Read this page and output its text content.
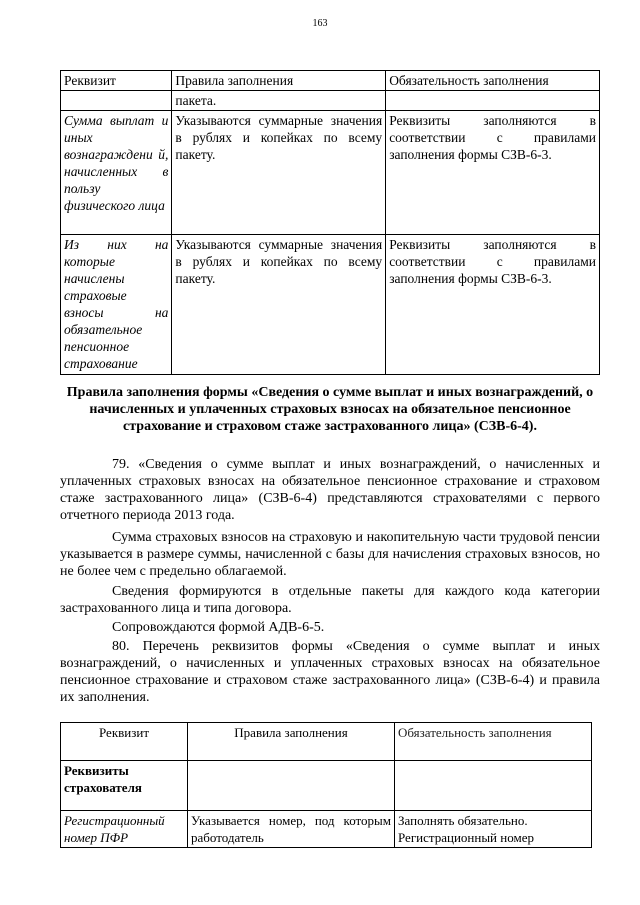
163
Реквизит	Правила заполнения	Обязательность заполнения
	пакета.	
Сумма выплат и иных вознаграждени й, начисленных в пользу физического лица	Указываются суммарные значения в рублях и копейках по всему пакету.	Реквизиты заполняются в соответствии с правилами заполнения формы СЗВ-6-3.
Из них на которые начислены страховые взносы на обязательное пенсионное страхование	Указываются суммарные значения в рублях и копейках по всему пакету.	Реквизиты заполняются в соответствии с правилами заполнения формы СЗВ-6-3.
Правила заполнения формы «Сведения о сумме выплат и иных вознаграждений, о начисленных и уплаченных страховых взносах на обязательное пенсионное страхование и страховом стаже застрахованного лица» (СЗВ-6-4).

79. «Сведения о сумме выплат и иных вознаграждений, о начисленных и уплаченных страховых взносах на обязательное пенсионное страхование и страховом стаже застрахованного лица» (СЗВ-6-4) представляются страхователями с первого отчетного периода 2013 года.

Сумма страховых взносов на страховую и накопительную части трудовой пенсии указывается в размере суммы, начисленной с базы для начисления страховых взносов, но не более чем с предельно облагаемой.

Сведения формируются в отдельные пакеты для каждого кода категории застрахованного лица и типа договора.

Сопровождаются формой АДВ-6-5.

80. Перечень реквизитов формы «Сведения о сумме выплат и иных вознаграждений, о начисленных и уплаченных страховых взносах на обязательное пенсионное страхование и страховом стаже застрахованного лица» (СЗВ-6-4) и правила их заполнения.

Реквизит	Правила заполнения	Обязательность заполнения
Реквизиты страхователя		
Регистрационный номер ПФР	Указывается номер, под которым работодатель	Заполнять обязательно. Регистрационный номер
